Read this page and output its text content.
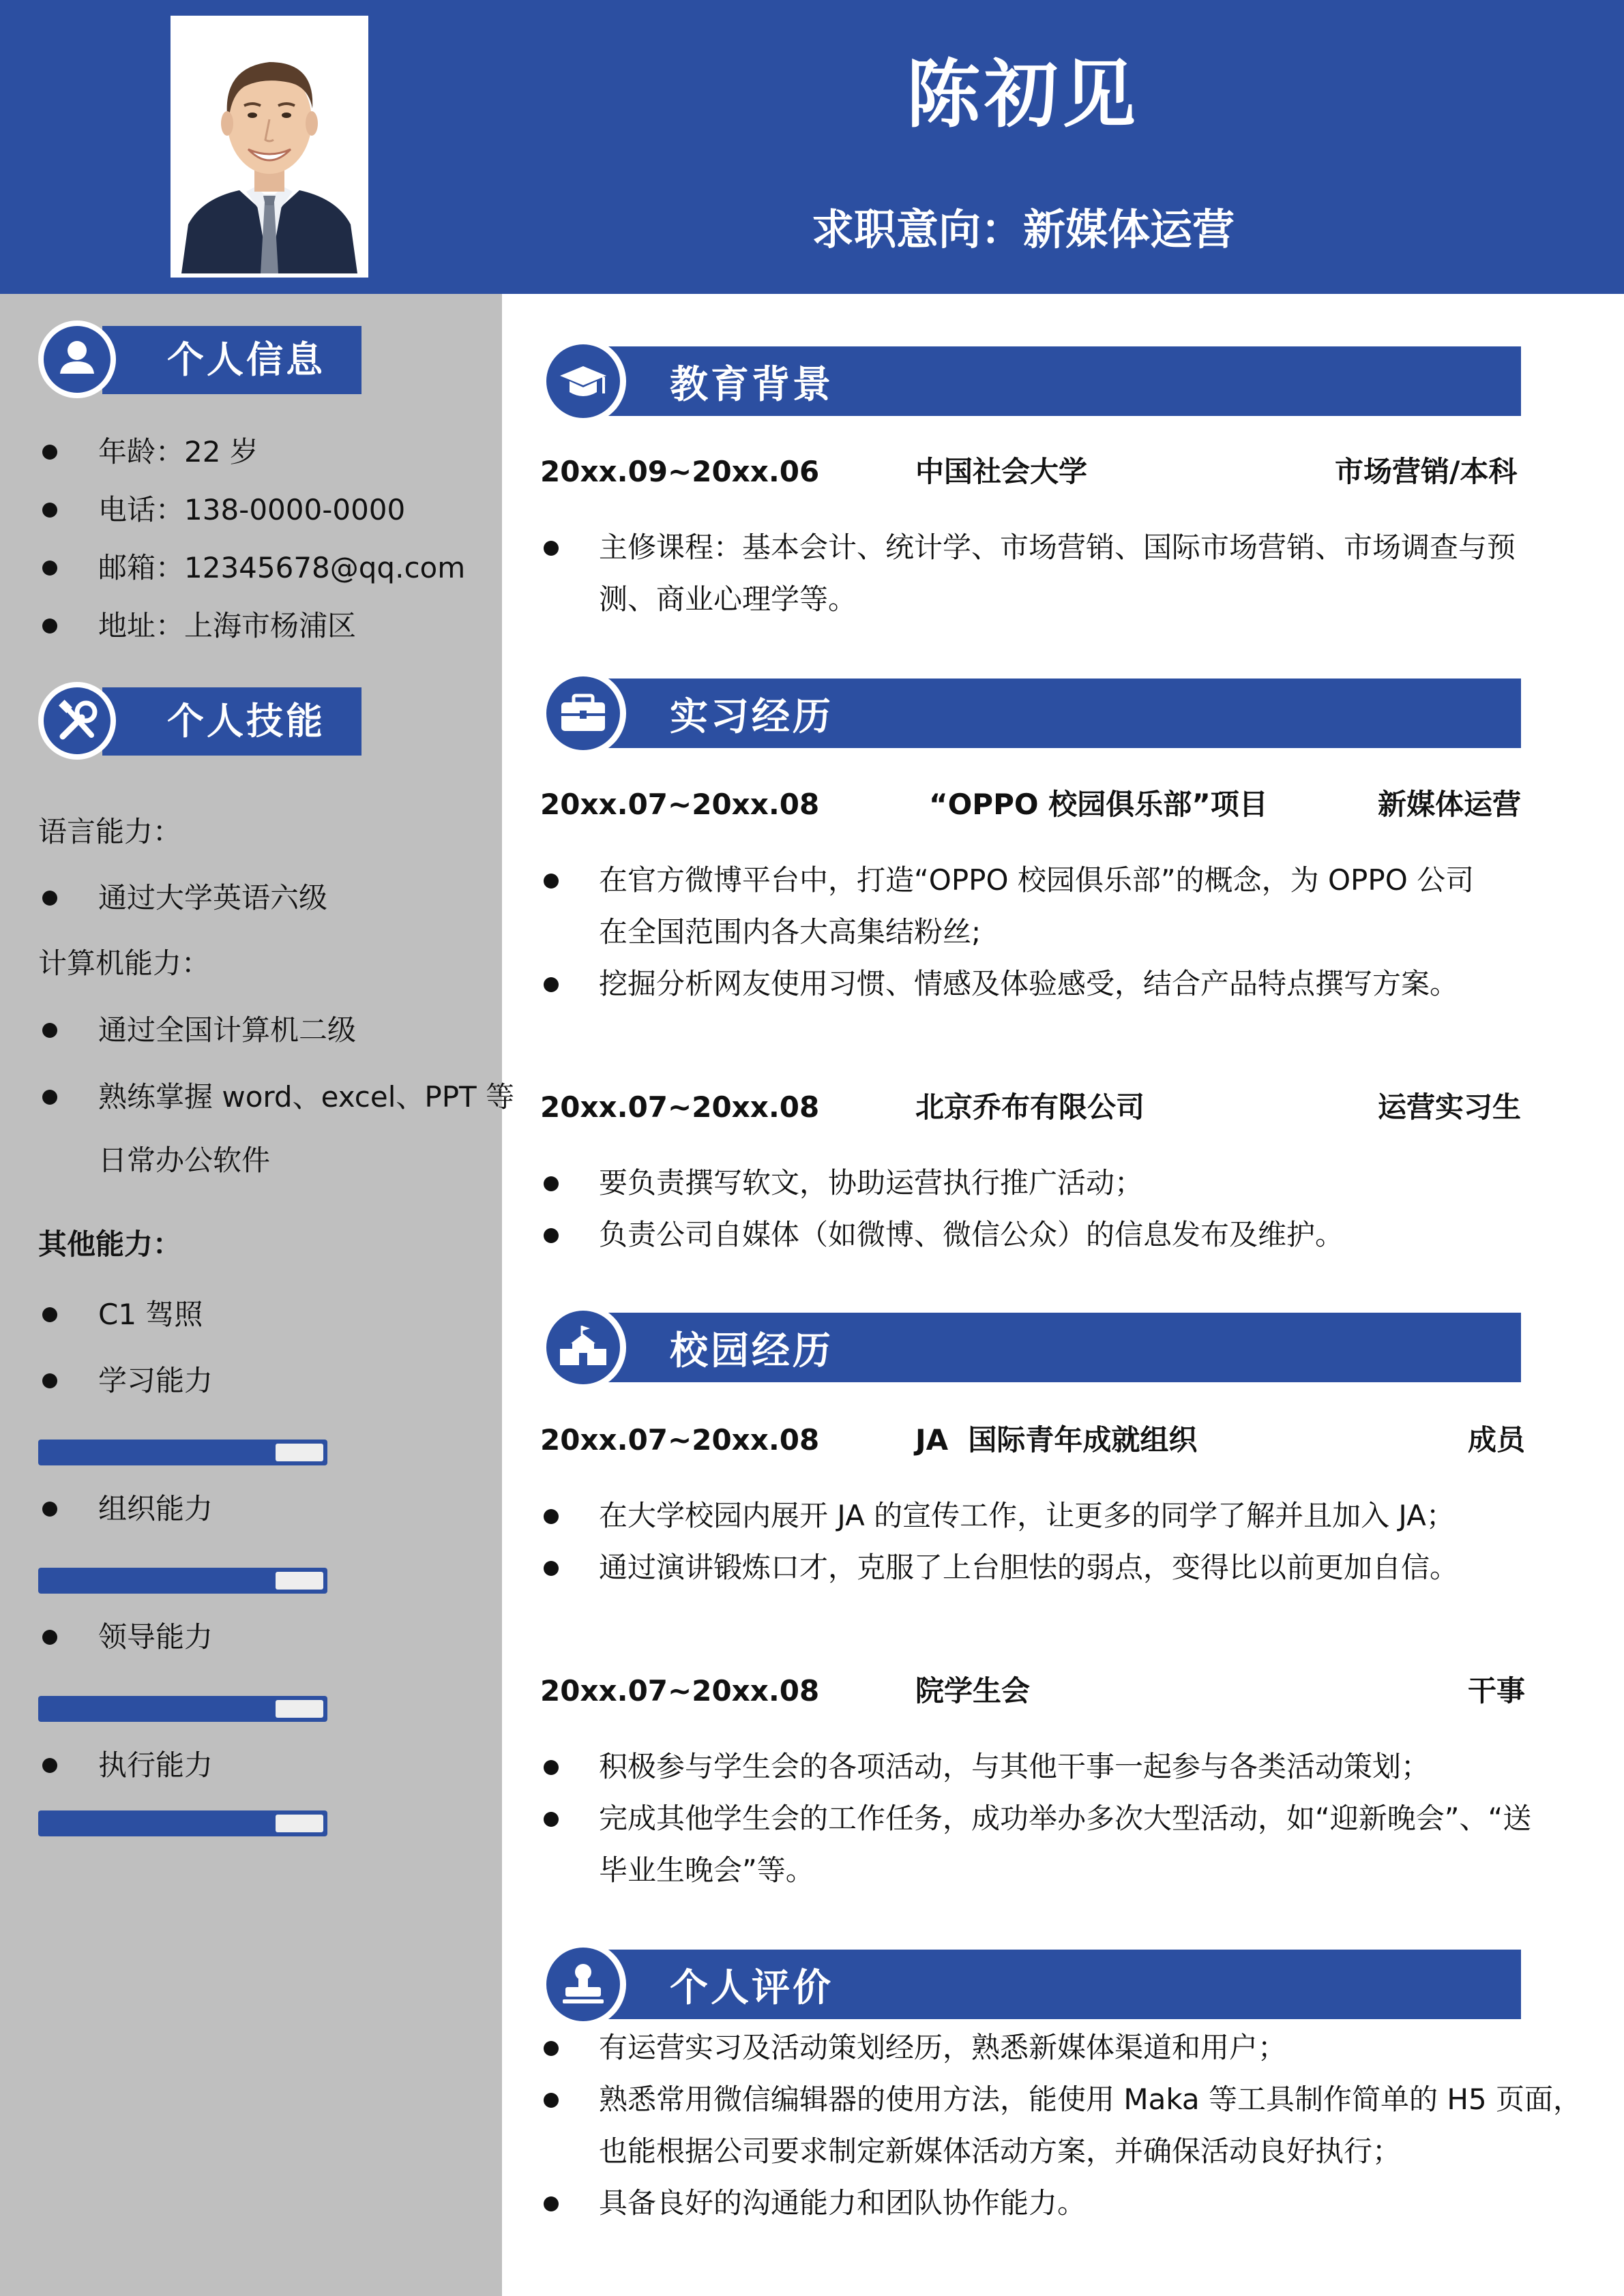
陈初见
求职意向：新媒体运营
个人信息
年龄：22 岁
电话：138-0000-0000
邮箱：12345678@qq.com
地址：上海市杨浦区
个人技能
语言能力：
通过大学英语六级
计算机能力：
通过全国计算机二级
熟练掌握 word、excel、PPT 等
日常办公软件
其他能力：
C1 驾照
学习能力
组织能力
领导能力
执行能力
教育背景
20xx.09~20xx.06	中国社会大学	市场营销/本科
主修课程：基本会计、统计学、市场营销、国际市场营销、市场调查与预
测、商业心理学等。
实习经历
20xx.07~20xx.08	“OPPO 校园俱乐部”项目	新媒体运营
在官方微博平台中，打造“OPPO 校园俱乐部”的概念，为 OPPO 公司
在全国范围内各大高集结粉丝;
挖掘分析网友使用习惯、情感及体验感受，结合产品特点撰写方案。
20xx.07~20xx.08	北京乔布有限公司	运营实习生
要负责撰写软文，协助运营执行推广活动；
负责公司自媒体（如微博、微信公众）的信息发布及维护。
校园经历
20xx.07~20xx.08	JA  国际青年成就组织	成员
在大学校园内展开 JA 的宣传工作，让更多的同学了解并且加入 JA；
通过演讲锻炼口才，克服了上台胆怯的弱点，变得比以前更加自信。
20xx.07~20xx.08	院学生会	干事
积极参与学生会的各项活动，与其他干事一起参与各类活动策划；
完成其他学生会的工作任务，成功举办多次大型活动，如“迎新晚会”、“送
毕业生晚会”等。
个人评价
有运营实习及活动策划经历，熟悉新媒体渠道和用户；
熟悉常用微信编辑器的使用方法，能使用 Maka 等工具制作简单的 H5 页面，
也能根据公司要求制定新媒体活动方案，并确保活动良好执行；
具备良好的沟通能力和团队协作能力。
